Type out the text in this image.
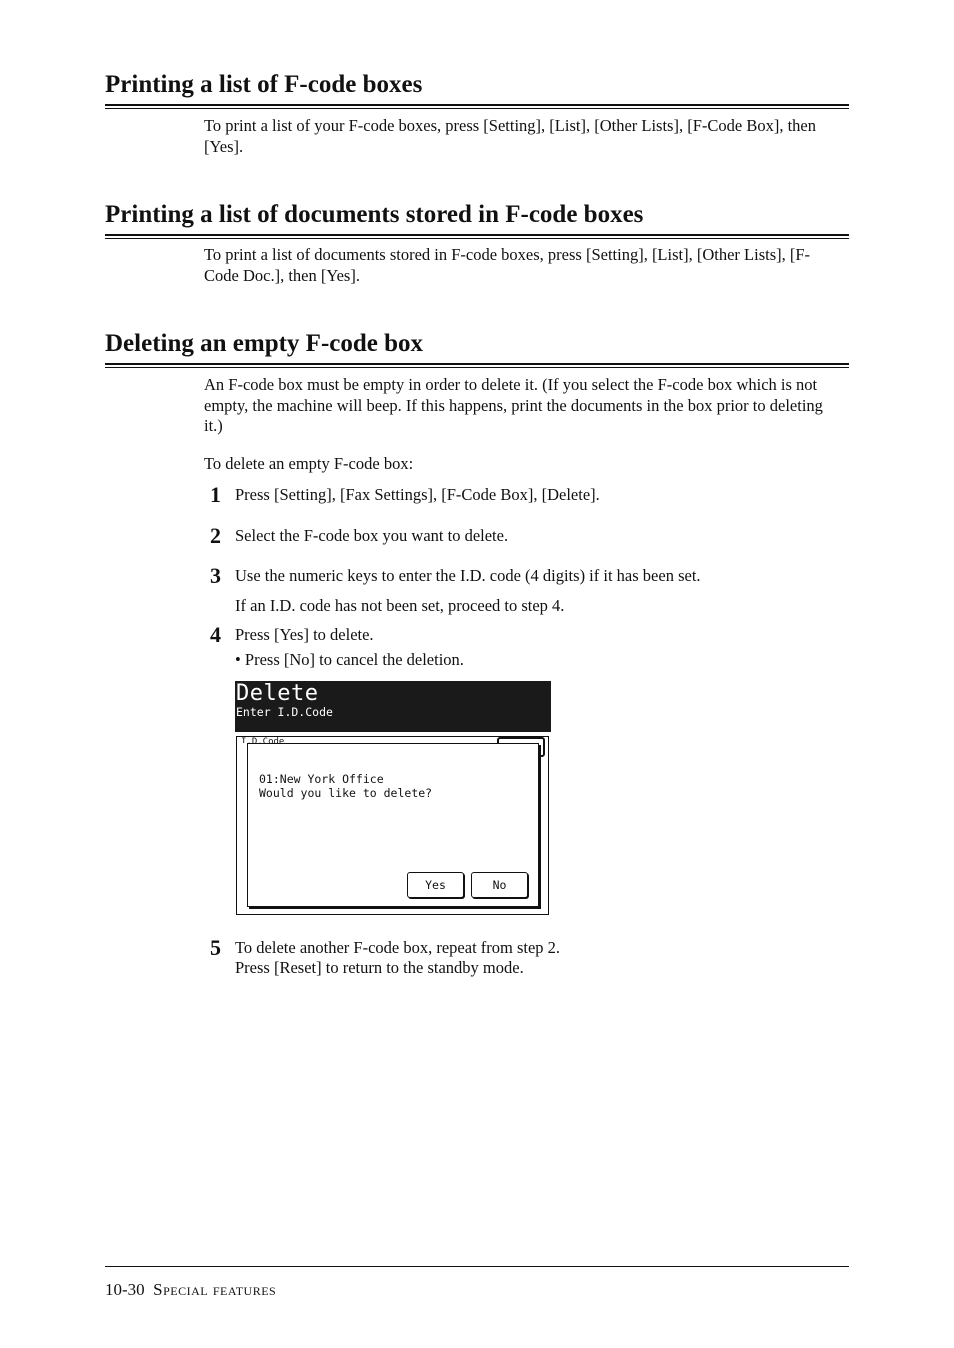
Printing a list of F-code boxes

To print a list of your F-code boxes, press [Setting], [List], [Other Lists], [F-Code Box], then [Yes].

Printing a list of documents stored in F-code boxes

To print a list of documents stored in F-code boxes, press [Setting], [List], [Other Lists], [F-Code Doc.], then [Yes].

Deleting an empty F-code box

An F-code box must be empty in order to delete it. (If you select the F-code box which is not empty, the machine will beep. If this happens, print the documents in the box prior to deleting it.)

To delete an empty F-code box:

1 Press [Setting], [Fax Settings], [F-Code Box], [Delete].

2 Select the F-code box you want to delete.

3 Use the numeric keys to enter the I.D. code (4 digits) if it has been set.

If an I.D. code has not been set, proceed to step 4.

4 Press [Yes] to delete.

• Press [No] to cancel the deletion.

5 To delete another F-code box, repeat from step 2.

Press [Reset] to return to the standby mode.

Delete
Enter I.D.Code
I.D.Code
01:New York Office
Would you like to delete?
Yes	No
10-30 Special features
